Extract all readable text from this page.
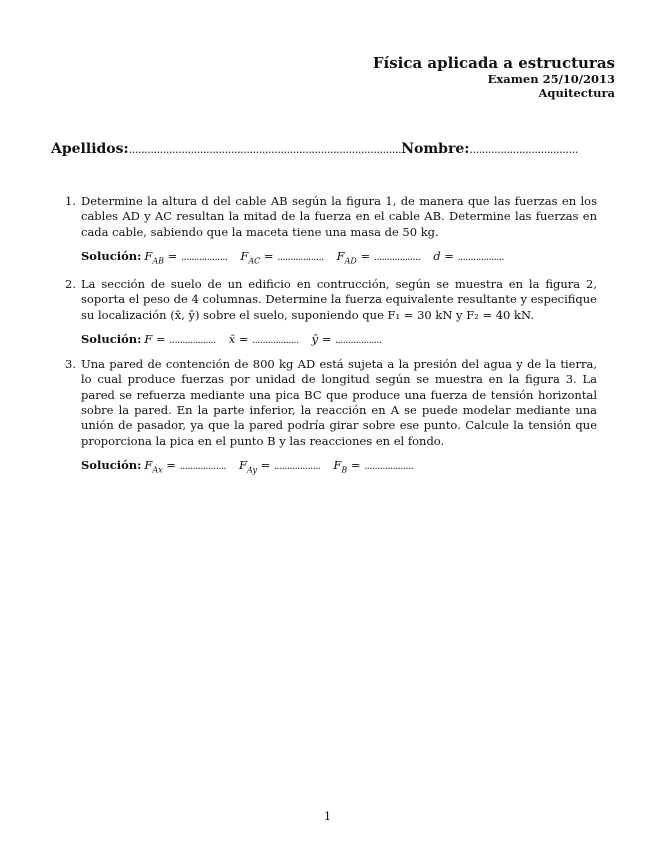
Física aplicada a estructuras
Examen 25/10/2013
Aquitectura
Apellidos:........................................................................................Nombre:...................................
1. Determine la altura d del cable AB según la figura 1, de manera que las fuerzas en los cables AD y AC resultan la mitad de la fuerza en el cable AB. Determine las fuerzas en cada cable, sabiendo que la maceta tiene una masa de 50 kg.

Solución: $F_{AB}$ = .................. $F_{AC}$ = .................. $F_{AD}$ = .................. d = ..................
2. La sección de suelo de un edificio en contrucción, según se muestra en la figura 2, soporta el peso de 4 columnas. Determine la fuerza equivalente resultante y especifique su localización (x̄, ȳ) sobre el suelo, suponiendo que F₁ = 30 kN y F₂ = 40 kN.

Solución: F = .................. x̄ = .................. ȳ = ..................
3. Una pared de contención de 800 kg AD está sujeta a la presión del agua y de la tierra, lo cual produce fuerzas por unidad de longitud según se muestra en la figura 3. La pared se refuerza mediante una pica BC que produce una fuerza de tensión horizontal sobre la pared. En la parte inferior, la reacción en A se puede modelar mediante una unión de pasador, ya que la pared podría girar sobre ese punto. Calcule la tensión que proporciona la pica en el punto B y las reacciones en el fondo.

Solución: $F_{Ax}$ = .................. $F_{Ay}$ = .................. $F_B$ = ...................
1
